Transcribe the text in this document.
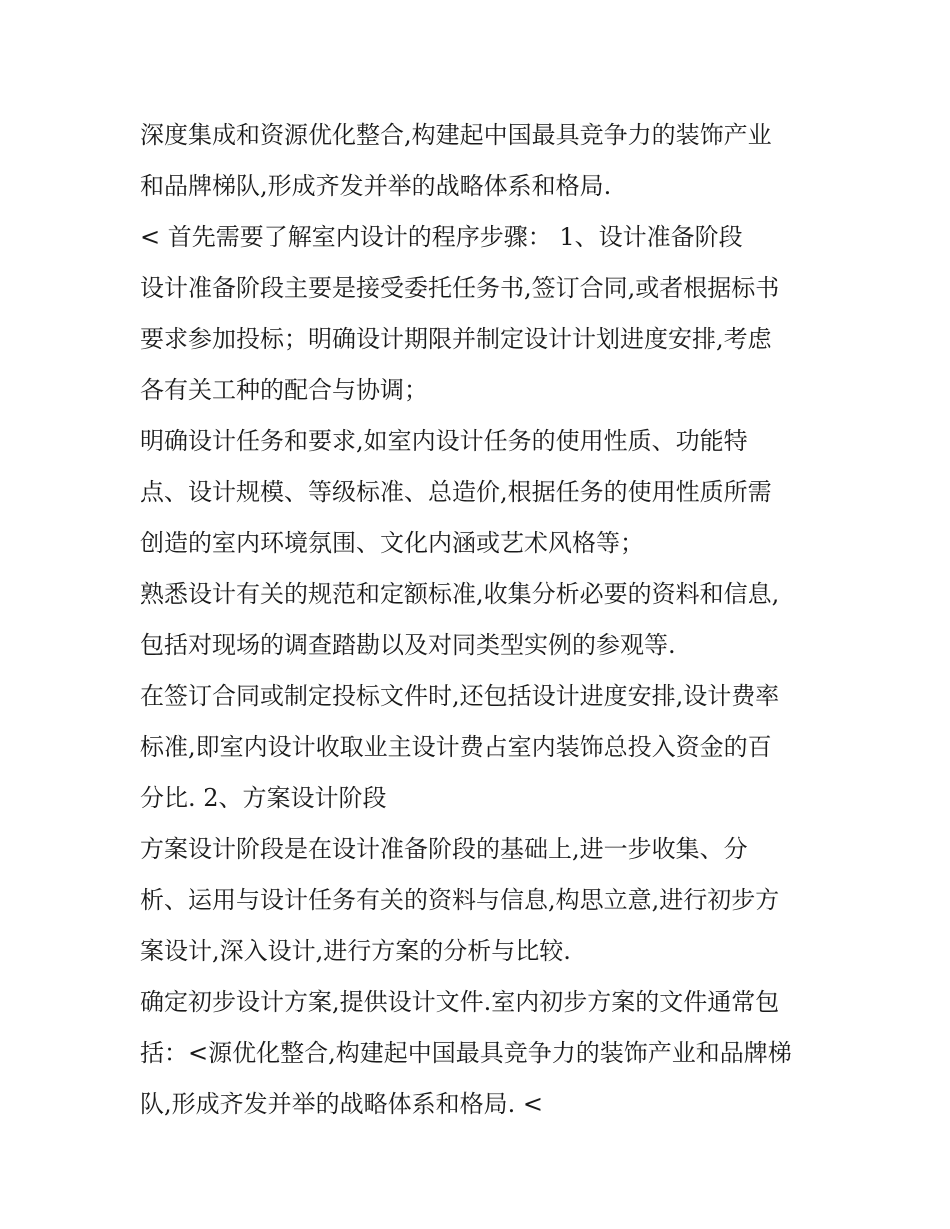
深度集成和资源优化整合,构建起中国最具竞争力的装饰产业
和品牌梯队,形成齐发并举的战略体系和格局.
< 首先需要了解室内设计的程序步骤： 1、设计准备阶段
设计准备阶段主要是接受委托任务书,签订合同,或者根据标书
要求参加投标；明确设计期限并制定设计计划进度安排,考虑
各有关工种的配合与协调；
明确设计任务和要求,如室内设计任务的使用性质、功能特
点、设计规模、等级标准、总造价,根据任务的使用性质所需
创造的室内环境氛围、文化内涵或艺术风格等；
熟悉设计有关的规范和定额标准,收集分析必要的资料和信息,
包括对现场的调查踏勘以及对同类型实例的参观等.
在签订合同或制定投标文件时,还包括设计进度安排,设计费率
标准,即室内设计收取业主设计费占室内装饰总投入资金的百
分比. 2、方案设计阶段
方案设计阶段是在设计准备阶段的基础上,进一步收集、分
析、运用与设计任务有关的资料与信息,构思立意,进行初步方
案设计,深入设计,进行方案的分析与比较.
确定初步设计方案,提供设计文件.室内初步方案的文件通常包
括：<源优化整合,构建起中国最具竞争力的装饰产业和品牌梯
队,形成齐发并举的战略体系和格局. <
